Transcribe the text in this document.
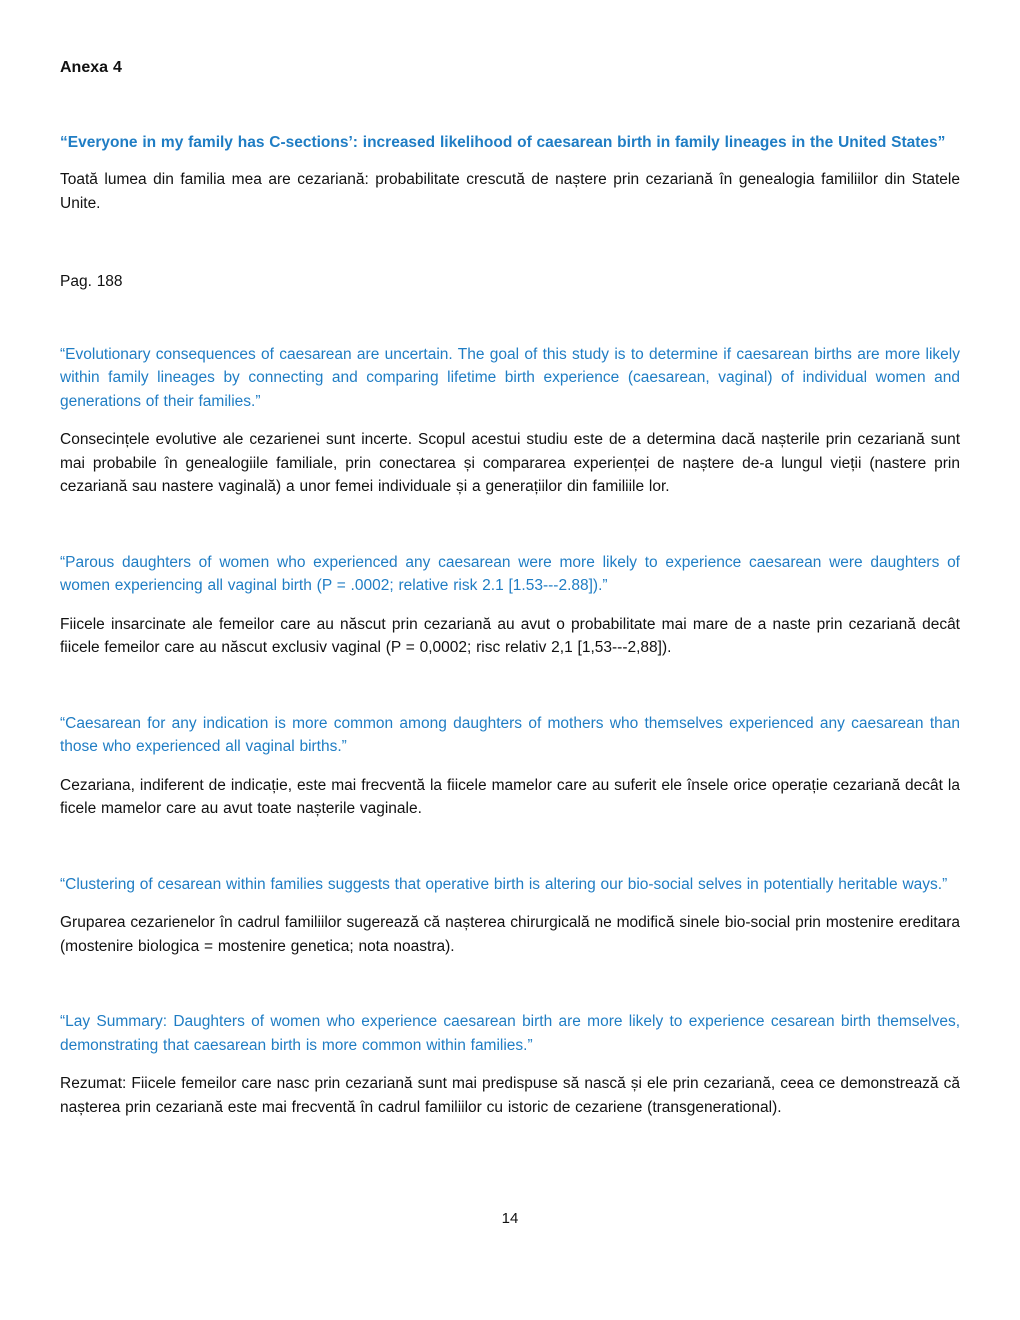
Anexa 4

“Everyone in my family has C-sections’: increased likelihood of caesarean birth in family lineages in the United States”

Toată lumea din familia mea are cezariană: probabilitate crescută de naștere prin cezariană în genealogia familiilor din Statele Unite.

Pag. 188

“Evolutionary consequences of caesarean are uncertain. The goal of this study is to determine if caesarean births are more likely within family lineages by connecting and comparing lifetime birth experience (caesarean, vaginal) of individual women and generations of their families.”

Consecințele evolutive ale cezarienei sunt incerte. Scopul acestui studiu este de a determina dacă nașterile prin cezariană sunt mai probabile în genealogiile familiale, prin conectarea și compararea experienței de naștere de-a lungul vieții (nastere prin cezariană sau nastere vaginală) a unor femei individuale și a generațiilor din familiile lor.

“Parous daughters of women who experienced any caesarean were more likely to experience caesarean were daughters of women experiencing all vaginal birth (P = .0002; relative risk 2.1 [1.53---2.88]).”

Fiicele insarcinate ale femeilor care au născut prin cezariană au avut o probabilitate mai mare de a naste prin cezariană decât fiicele femeilor care au născut exclusiv vaginal (P = 0,0002; risc relativ 2,1 [1,53---2,88]).

“Caesarean for any indication is more common among daughters of mothers who themselves experienced any caesarean than those who experienced all vaginal births.”

Cezariana, indiferent de indicație, este mai frecventă la fiicele mamelor care au suferit ele însele orice operație cezariană decât la ficele mamelor care au avut toate nașterile vaginale.

“Clustering of cesarean within families suggests that operative birth is altering our bio-social selves in potentially heritable ways.”

Gruparea cezarienelor în cadrul familiilor sugerează că nașterea chirurgicală ne modifică sinele bio-social prin mostenire ereditara (mostenire biologica = mostenire genetica; nota noastra).

“Lay Summary: Daughters of women who experience caesarean birth are more likely to experience cesarean birth themselves, demonstrating that caesarean birth is more common within families.”

Rezumat: Fiicele femeilor care nasc prin cezariană sunt mai predispuse să nască și ele prin cezariană, ceea ce demonstrează că nașterea prin cezariană este mai frecventă în cadrul familiilor cu istoric de cezariene (transgenerational).

14
